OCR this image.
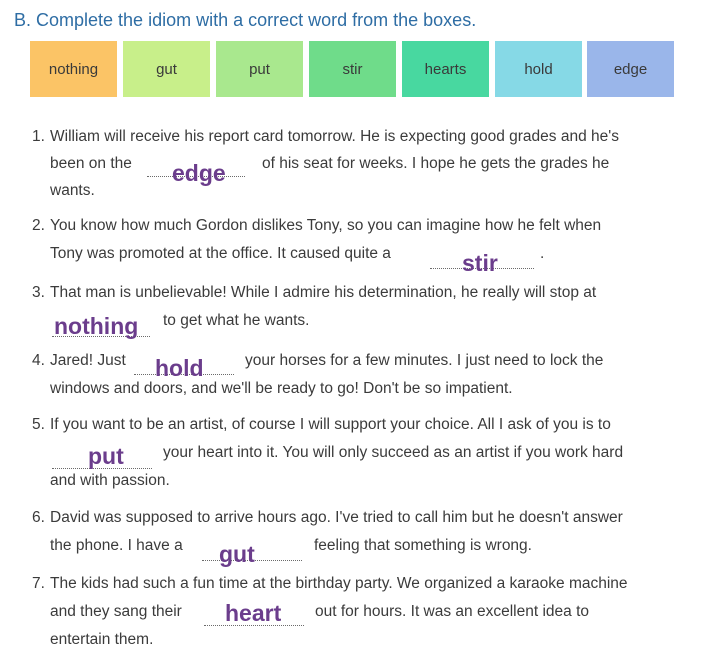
B. Complete the idiom with a correct word from the boxes.
nothing	gut	put	stir	hearts	hold	edge
1. William will receive his report card tomorrow. He is expecting good grades and he's
been on the edge of his seat for weeks. I hope he gets the grades he
wants.
2. You know how much Gordon dislikes Tony, so you can imagine how he felt when
Tony was promoted at the office. It caused quite a	stir	.
3. That man is unbelievable! While I admire his determination, he really will stop at
nothing to get what he wants.
4. Jared! Just hold	your horses for a few minutes. I just need to lock the
windows and doors, and we'll be ready to go! Don't be so impatient.
5. If you want to be an artist, of course I will support your choice. All I ask of you is to
put	your heart into it. You will only succeed as an artist if you work hard
and with passion.
6. David was supposed to arrive hours ago. I've tried to call him but he doesn't answer
the phone. I have a gut	feeling that something is wrong.
7. The kids had such a fun time at the birthday party. We organized a karaoke machine
and they sang their heart out for hours. It was an excellent idea to
entertain them.
